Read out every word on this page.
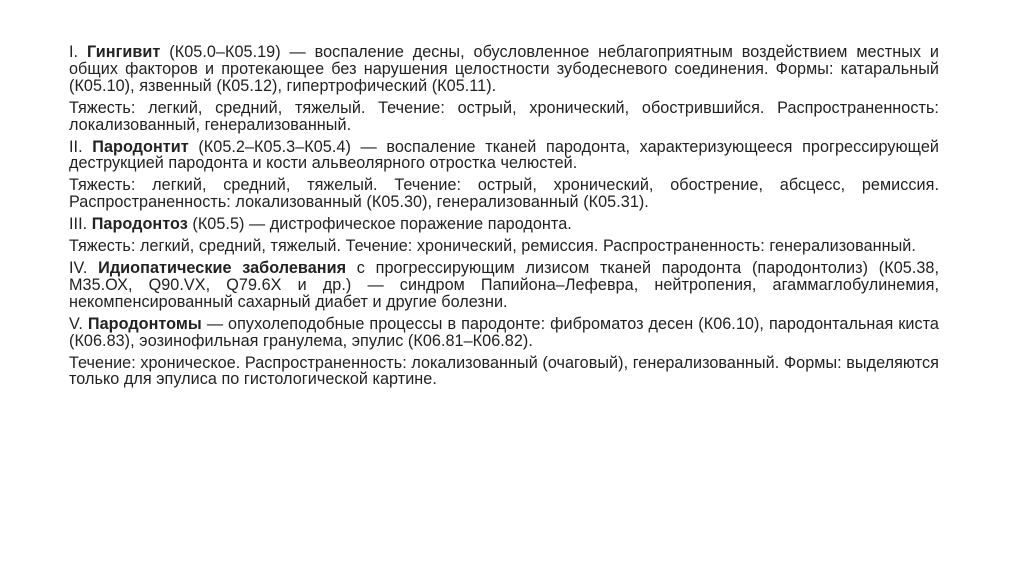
I. Гингивит (К05.0–К05.19) — воспаление десны, обусловленное неблагоприятным воздействием местных и общих факторов и протекающее без нарушения целостности зубодесневого соединения. Формы: катаральный (К05.10), язвенный (К05.12), гипертрофический (К05.11).

Тяжесть: легкий, средний, тяжелый. Течение: острый, хронический, обострившийся. Распространенность: локализованный, генерализованный.

II. Пародонтит (К05.2–К05.3–К05.4) — воспаление тканей пародонта, характеризующееся прогрессирующей деструкцией пародонта и кости альвеолярного отростка челюстей.

Тяжесть: легкий, средний, тяжелый. Течение: острый, хронический, обострение, абсцесс, ремиссия. Распространенность: локализованный (К05.30), генерализованный (К05.31).

III. Пародонтоз (К05.5) — дистрофическое поражение пародонта.

Тяжесть: легкий, средний, тяжелый. Течение: хронический, ремиссия. Распространенность: генерализованный.

IV. Идиопатические заболевания с прогрессирующим лизисом тканей пародонта (пародонтолиз) (К05.38, М35.ОХ, Q90.VX, Q79.6X и др.) — синдром Папийона–Лефевра, нейтропения, агаммаглобулинемия, некомпенсированный сахарный диабет и другие болезни.

V. Пародонтомы — опухолеподобные процессы в пародонте: фиброматоз десен (К06.10), пародонтальная киста (К06.83), эозинофильная гранулема, эпулис (К06.81–К06.82).

Течение: хроническое. Распространенность: локализованный (очаговый), генерализованный. Формы: выделяются только для эпулиса по гистологической картине.
